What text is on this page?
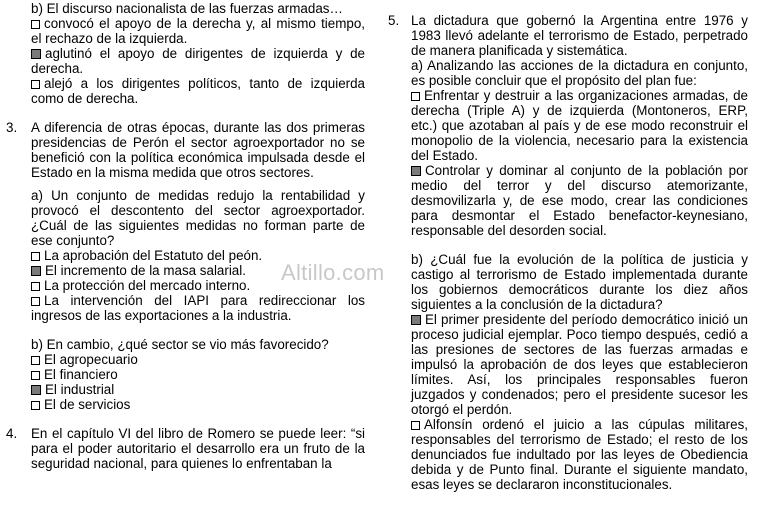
b) El discurso nacionalista de las fuerzas armadas…

convocó el apoyo de la derecha y, al mismo tiempo, el rechazo de la izquierda.

aglutinó el apoyo de dirigentes de izquierda y de derecha.

alejó a los dirigentes políticos, tanto de izquierda como de derecha.

3. A diferencia de otras épocas, durante las dos primeras presidencias de Perón el sector agroexportador no se benefició con la política económica impulsada desde el Estado en la misma medida que otros sectores.

a) Un conjunto de medidas redujo la rentabilidad y provocó el descontento del sector agroexportador. ¿Cuál de las siguientes medidas no forman parte de ese conjunto?

La aprobación del Estatuto del peón.

El incremento de la masa salarial.

La protección del mercado interno.

La intervención del IAPI para redireccionar los ingresos de las exportaciones a la industria.

b) En cambio, ¿qué sector se vio más favorecido?

El agropecuario

El financiero

El industrial

El de servicios

4. En el capítulo VI del libro de Romero se puede leer: “si para el poder autoritario el desarrollo era un fruto de la seguridad nacional, para quienes lo enfrentaban la

5. La dictadura que gobernó la Argentina entre 1976 y 1983 llevó adelante el terrorismo de Estado, perpetrado de manera planificada y sistemática.

a) Analizando las acciones de la dictadura en conjunto, es posible concluir que el propósito del plan fue:

Enfrentar y destruir a las organizaciones armadas, de derecha (Triple A) y de izquierda (Montoneros, ERP, etc.) que azotaban al país y de ese modo reconstruir el monopolio de la violencia, necesario para la existencia del Estado.

Controlar y dominar al conjunto de la población por medio del terror y del discurso atemorizante, desmovilizarla y, de ese modo, crear las condiciones para desmontar el Estado benefactor-keynesiano, responsable del desorden social.

b) ¿Cuál fue la evolución de la política de justicia y castigo al terrorismo de Estado implementada durante los gobiernos democráticos durante los diez años siguientes a la conclusión de la dictadura?

El primer presidente del período democrático inició un proceso judicial ejemplar. Poco tiempo después, cedió a las presiones de sectores de las fuerzas armadas e impulsó la aprobación de dos leyes que establecieron límites. Así, los principales responsables fueron juzgados y condenados; pero el presidente sucesor les otorgó el perdón.

Alfonsín ordenó el juicio a las cúpulas militares, responsables del terrorismo de Estado; el resto de los denunciados fue indultado por las leyes de Obediencia debida y de Punto final. Durante el siguiente mandato, esas leyes se declararon inconstitucionales.

Altillo.com
